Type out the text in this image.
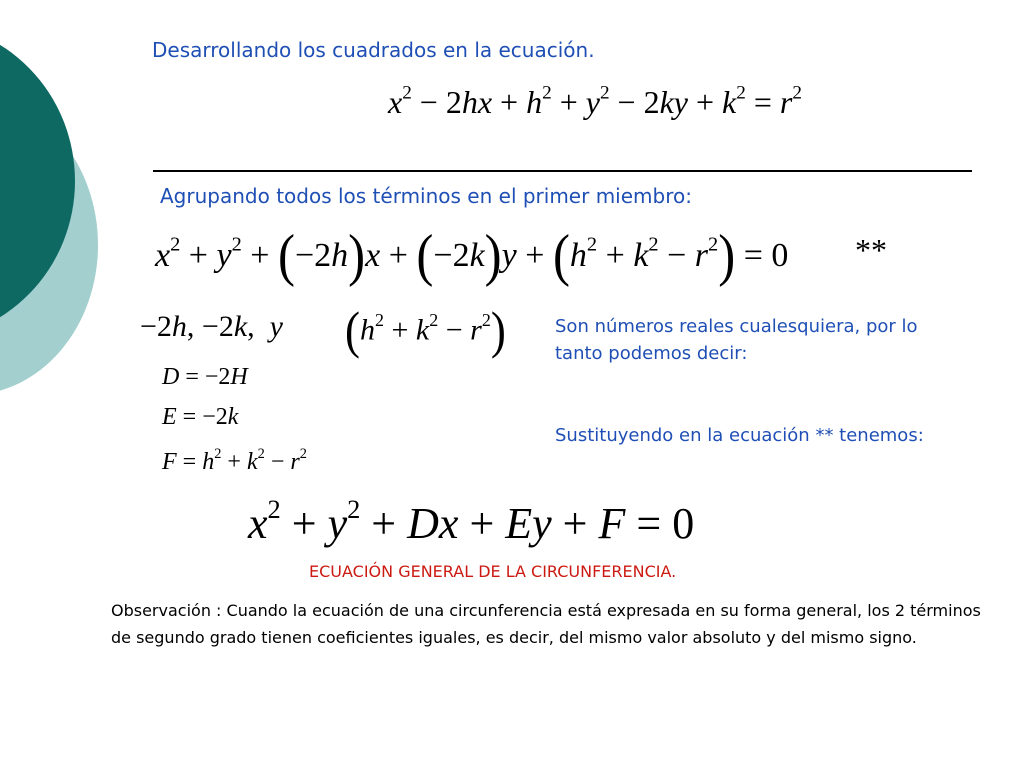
Desarrollando los cuadrados en la ecuación.
$x^2 - 2hx + h^2 + y^2 - 2ky + k^2 = r^2$
Agrupando todos los términos en el primer miembro:
$x^2 + y^2 + (-2h)x + (-2k)y + (h^2 + k^2 - r^2) = 0$ **
−2h, −2k,  y $(h^2 + k^2 - r^2)$	Son números reales cualesquiera, por lo tanto podemos decir:
D = −2H
E = −2k
$F = h^2 + k^2 - r^2$
Sustituyendo en la ecuación ** tenemos:
$x^2 + y^2 + Dx + Ey + F = 0$
ECUACIÓN GENERAL DE LA CIRCUNFERENCIA.
Observación : Cuando la ecuación de una circunferencia está expresada en su forma general, los 2 términos de segundo grado tienen coeficientes iguales, es decir, del mismo valor absoluto y del mismo signo.
